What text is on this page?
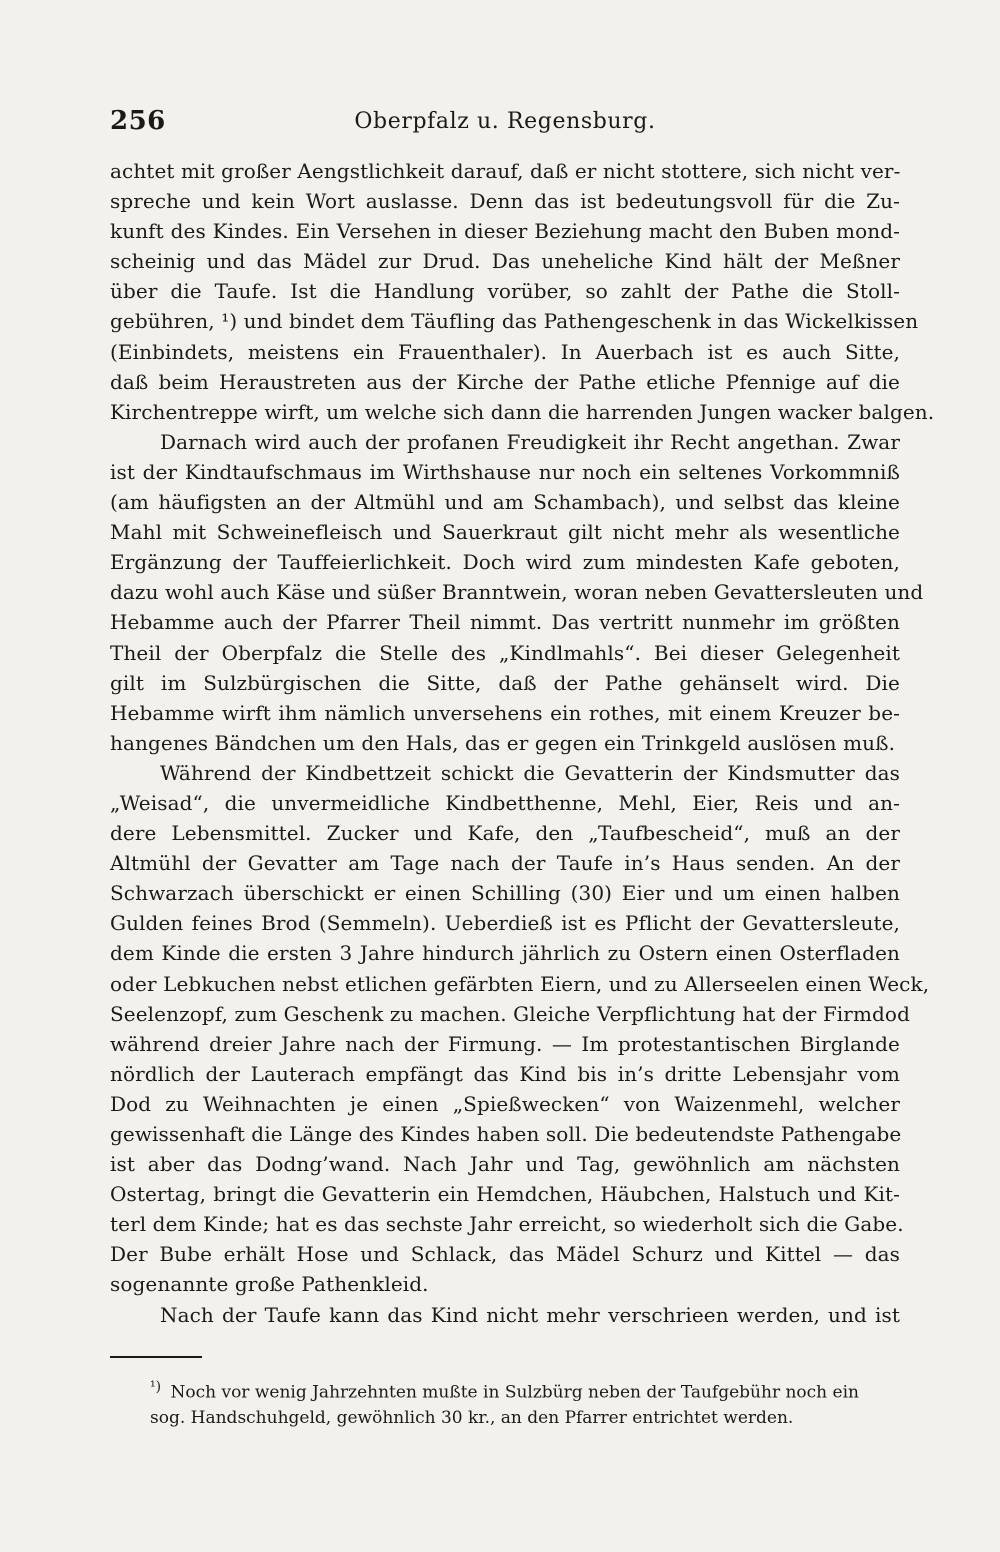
256	Oberpfalz u. Regensburg.
achtet mit großer Aengstlichkeit darauf, daß er nicht stottere, sich nicht ver-
spreche und kein Wort auslasse. Denn das ist bedeutungsvoll für die Zu-
kunft des Kindes. Ein Versehen in dieser Beziehung macht den Buben mond-
scheinig und das Mädel zur Drud. Das uneheliche Kind hält der Meßner
über die Taufe. Ist die Handlung vorüber, so zahlt der Pathe die Stoll-
gebühren, ¹) und bindet dem Täufling das Pathengeschenk in das Wickelkissen
(Einbindets, meistens ein Frauenthaler). In Auerbach ist es auch Sitte,
daß beim Heraustreten aus der Kirche der Pathe etliche Pfennige auf die
Kirchentreppe wirft, um welche sich dann die harrenden Jungen wacker balgen.
Darnach wird auch der profanen Freudigkeit ihr Recht angethan. Zwar
ist der Kindtaufschmaus im Wirthshause nur noch ein seltenes Vorkommniß
(am häufigsten an der Altmühl und am Schambach), und selbst das kleine
Mahl mit Schweinefleisch und Sauerkraut gilt nicht mehr als wesentliche
Ergänzung der Tauffeierlichkeit. Doch wird zum mindesten Kafe geboten,
dazu wohl auch Käse und süßer Branntwein, woran neben Gevattersleuten und
Hebamme auch der Pfarrer Theil nimmt. Das vertritt nunmehr im größten
Theil der Oberpfalz die Stelle des „Kindlmahls“. Bei dieser Gelegenheit
gilt im Sulzbürgischen die Sitte, daß der Pathe gehänselt wird. Die
Hebamme wirft ihm nämlich unversehens ein rothes, mit einem Kreuzer be-
hangenes Bändchen um den Hals, das er gegen ein Trinkgeld auslösen muß.
Während der Kindbettzeit schickt die Gevatterin der Kindsmutter das
„Weisad“, die unvermeidliche Kindbetthenne, Mehl, Eier, Reis und an-
dere Lebensmittel. Zucker und Kafe, den „Taufbescheid“, muß an der
Altmühl der Gevatter am Tage nach der Taufe in’s Haus senden. An der
Schwarzach überschickt er einen Schilling (30) Eier und um einen halben
Gulden feines Brod (Semmeln). Ueberdieß ist es Pflicht der Gevattersleute,
dem Kinde die ersten 3 Jahre hindurch jährlich zu Ostern einen Osterfladen
oder Lebkuchen nebst etlichen gefärbten Eiern, und zu Allerseelen einen Weck,
Seelenzopf, zum Geschenk zu machen. Gleiche Verpflichtung hat der Firmdod
während dreier Jahre nach der Firmung. — Im protestantischen Birglande
nördlich der Lauterach empfängt das Kind bis in’s dritte Lebensjahr vom
Dod zu Weihnachten je einen „Spießwecken“ von Waizenmehl, welcher
gewissenhaft die Länge des Kindes haben soll. Die bedeutendste Pathengabe
ist aber das Dodng’wand. Nach Jahr und Tag, gewöhnlich am nächsten
Ostertag, bringt die Gevatterin ein Hemdchen, Häubchen, Halstuch und Kit-
terl dem Kinde; hat es das sechste Jahr erreicht, so wiederholt sich die Gabe.
Der Bube erhält Hose und Schlack, das Mädel Schurz und Kittel — das
sogenannte große Pathenkleid.
Nach der Taufe kann das Kind nicht mehr verschrieen werden, und ist
$^{^1)}$ Noch vor wenig Jahrzehnten mußte in Sulzbürg neben der Taufgebühr noch ein
sog. Handschuhgeld, gewöhnlich 30 kr., an den Pfarrer entrichtet werden.
